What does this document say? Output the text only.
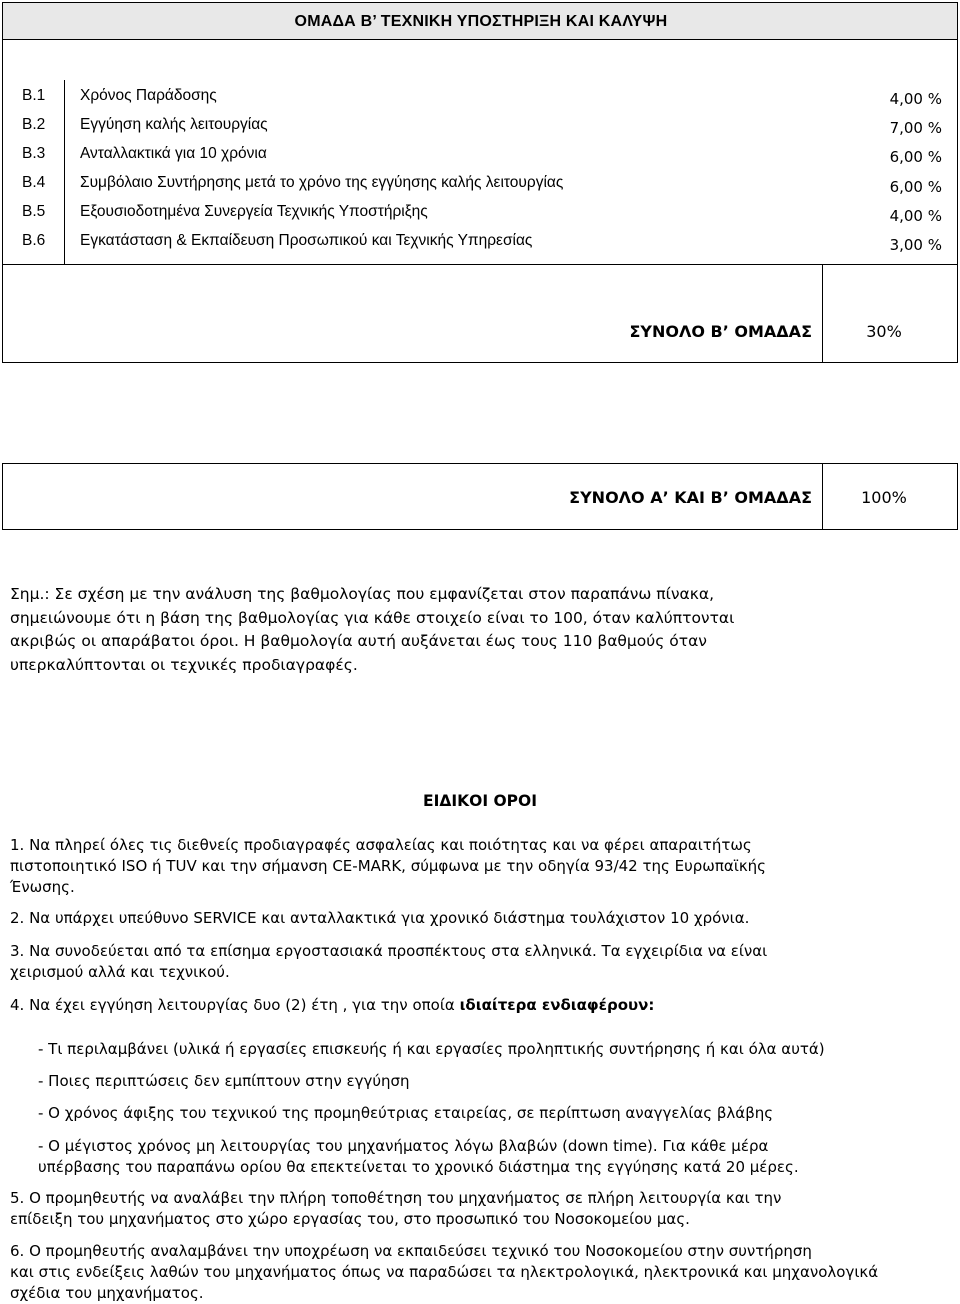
ΟΜΑΔΑ Β’ ΤΕΧΝΙΚΗ ΥΠΟΣΤΗΡΙΞΗ ΚΑΙ ΚΑΛΥΨΗ
Β.1 Χρόνος Παράδοσης	4,00 %
Β.2 Εγγύηση καλής λειτουργίας	7,00 %
Β.3 Ανταλλακτικά για 10 χρόνια	6,00 %
Β.4 Συμβόλαιο Συντήρησης μετά το χρόνο της εγγύησης καλής λειτουργίας	6,00 %
Β.5 Εξουσιοδοτημένα Συνεργεία Τεχνικής Υποστήριξης	4,00 %
Β.6 Εγκατάσταση & Εκπαίδευση Προσωπικού και Τεχνικής Υπηρεσίας	3,00 %
ΣΥΝΟΛΟ Β’ ΟΜΑΔΑΣ	30%
ΣΥΝΟΛΟ Α’ ΚΑΙ Β’ ΟΜΑΔΑΣ	100%
Σημ.: Σε σχέση με την ανάλυση της βαθμολογίας που εμφανίζεται στον παραπάνω πίνακα,
σημειώνουμε ότι η βάση της βαθμολογίας για κάθε στοιχείο είναι το 100, όταν καλύπτονται
ακριβώς οι απαράβατοι όροι. Η βαθμολογία αυτή αυξάνεται έως τους 110 βαθμούς όταν
υπερκαλύπτονται οι τεχνικές προδιαγραφές.
ΕΙΔΙΚΟΙ ΟΡΟΙ
1. Να πληρεί όλες τις διεθνείς προδιαγραφές ασφαλείας και ποιότητας και να φέρει απαραιτήτως
πιστοποιητικό ISO ή TUV και την σήμανση CE-MARK, σύμφωνα με την οδηγία 93/42 της Ευρωπαϊκής
Ένωσης.
2. Να υπάρχει υπεύθυνο SERVICE και ανταλλακτικά για χρονικό διάστημα τουλάχιστον 10 χρόνια.
3. Να συνοδεύεται από τα επίσημα εργοστασιακά προσπέκτους στα ελληνικά. Τα εγχειρίδια να είναι
χειρισμού αλλά και τεχνικού.
4. Να έχει εγγύηση λειτουργίας δυο (2) έτη , για την οποία ιδιαίτερα ενδιαφέρουν:
- Τι περιλαμβάνει (υλικά ή εργασίες επισκευής ή και εργασίες προληπτικής συντήρησης ή και όλα αυτά)
- Ποιες περιπτώσεις δεν εμπίπτουν στην εγγύηση
- Ο χρόνος άφιξης του τεχνικού της προμηθεύτριας εταιρείας, σε περίπτωση αναγγελίας βλάβης
- Ο μέγιστος χρόνος μη λειτουργίας του μηχανήματος λόγω βλαβών (down time). Για κάθε μέρα
υπέρβασης του παραπάνω ορίου θα επεκτείνεται το χρονικό διάστημα της εγγύησης κατά 20 μέρες.
5. Ο προμηθευτής να αναλάβει την πλήρη τοποθέτηση του μηχανήματος σε πλήρη λειτουργία και την
επίδειξη του μηχανήματος στο χώρο εργασίας του, στο προσωπικό του Νοσοκομείου μας.
6. Ο προμηθευτής αναλαμβάνει την υποχρέωση να εκπαιδεύσει τεχνικό του Νοσοκομείου στην συντήρηση
και στις ενδείξεις λαθών του μηχανήματος όπως να παραδώσει τα ηλεκτρολογικά, ηλεκτρονικά και μηχανολογικά
σχέδια του μηχανήματος.
